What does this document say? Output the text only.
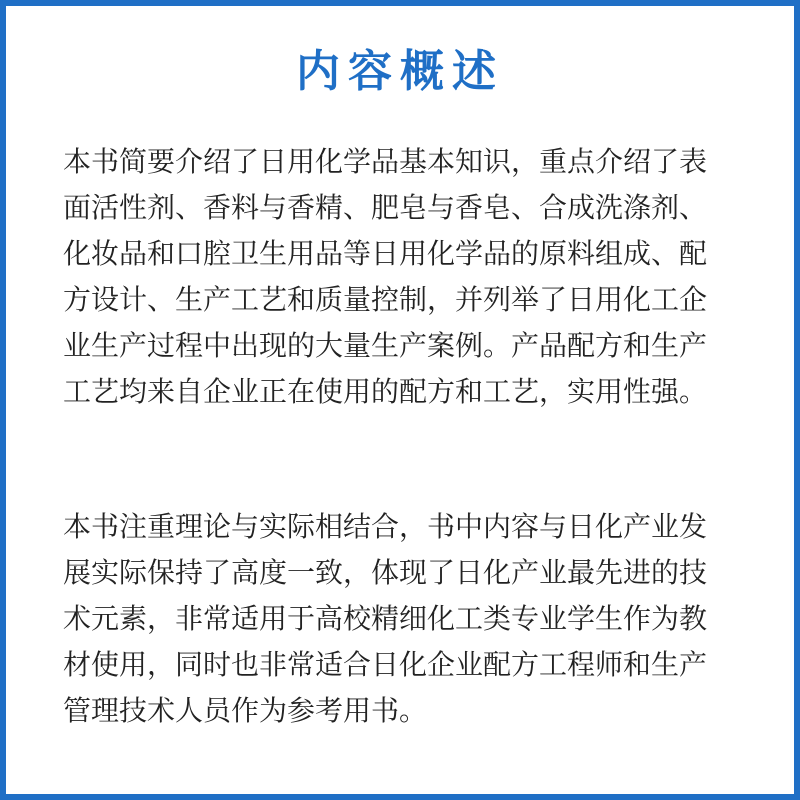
内容概述
本书简要介绍了日用化学品基本知识，重点介绍了表
面活性剂、香料与香精、肥皂与香皂、合成洗涤剂、
化妆品和口腔卫生用品等日用化学品的原料组成、配
方设计、生产工艺和质量控制，并列举了日用化工企
业生产过程中出现的大量生产案例。产品配方和生产
工艺均来自企业正在使用的配方和工艺，实用性强。
本书注重理论与实际相结合，书中内容与日化产业发
展实际保持了高度一致，体现了日化产业最先进的技
术元素，非常适用于高校精细化工类专业学生作为教
材使用，同时也非常适合日化企业配方工程师和生产
管理技术人员作为参考用书。
